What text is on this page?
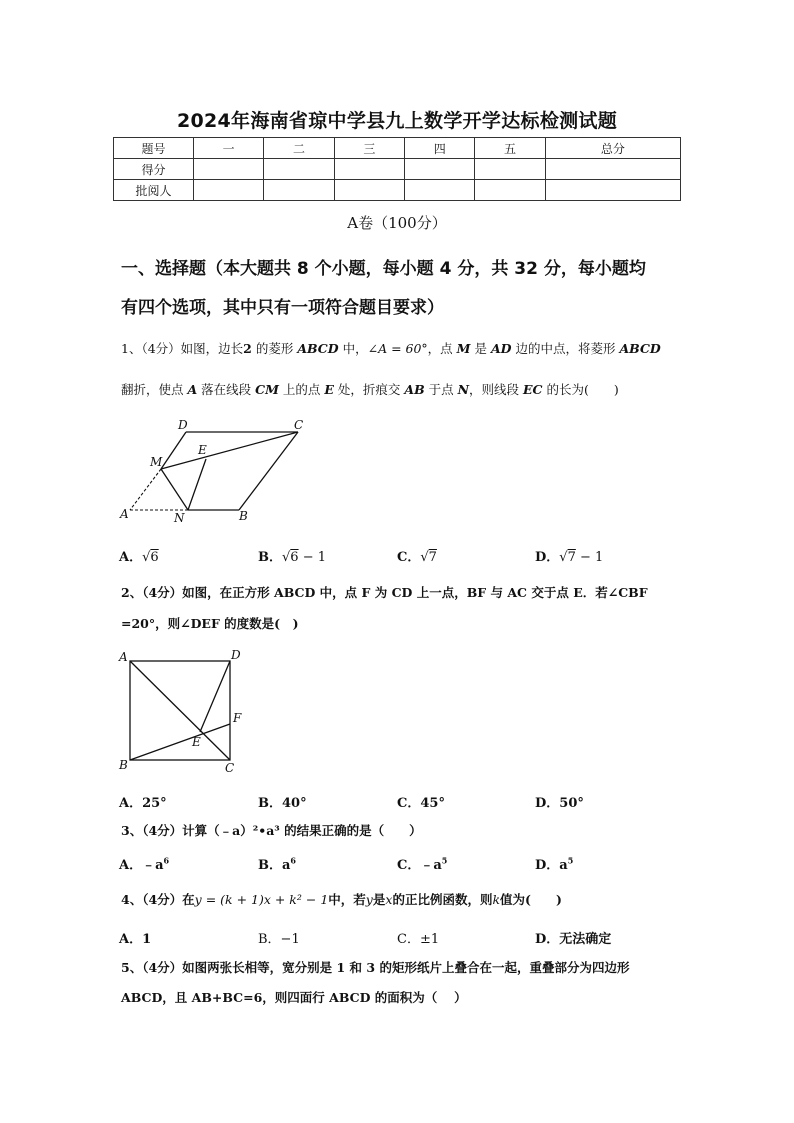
2024年海南省琼中学县九上数学开学达标检测试题
题号	一	二	三	四	五	总分
得分						
批阅人						
A卷（100分）
一、选择题（本大题共 8 个小题，每小题 4 分，共 32 分，每小题均
有四个选项，其中只有一项符合题目要求）
1、（4分）如图，边长2 的菱形 ABCD 中，∠A = 60°，点 M 是 AD 边的中点，将菱形 ABCD
翻折，使点 A 落在线段 CM 上的点 E 处，折痕交 AB 于点 N，则线段 EC 的长为(　　)
D	C
M
E
A	N	B
A．√6	B．√6 − 1	C．√7	D．√7 − 1
2、（4分）如图，在正方形 ABCD 中，点 F 为 CD 上一点，BF 与 AC 交于点 E．若∠CBF
=20°，则∠DEF 的度数是(　)
A	D
F
E
B	C
A．25°	B．40°	C．45°	D．50°
3、（4分）计算（﹣a）²•a³ 的结果正确的是（　　）
A．$﹣a^6$	B．$a^6$	C．$﹣a^5$	D．$a^5$
4、（4分）在y = (k + 1)x + k² − 1中，若y是x的正比例函数，则k值为(　　)
A．1	B．−1	C．±1	D．无法确定
5、（4分）如图两张长相等，宽分别是 1 和 3 的矩形纸片上叠合在一起，重叠部分为四边形
ABCD，且 AB+BC=6，则四面行 ABCD 的面积为（　 ）
